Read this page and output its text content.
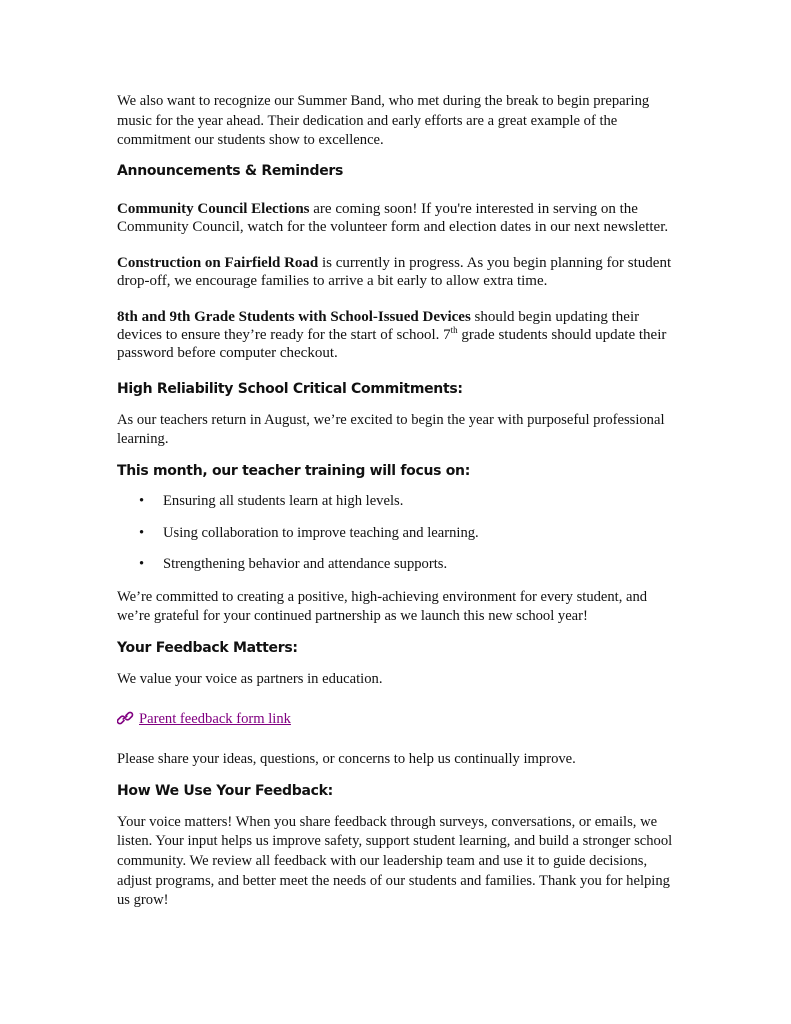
We also want to recognize our Summer Band, who met during the break to begin preparing music for the year ahead. Their dedication and early efforts are a great example of the commitment our students show to excellence.

Announcements & Reminders

Community Council Elections are coming soon! If you're interested in serving on the Community Council, watch for the volunteer form and election dates in our next newsletter.

Construction on Fairfield Road is currently in progress. As you begin planning for student drop-off, we encourage families to arrive a bit early to allow extra time.

8th and 9th Grade Students with School-Issued Devices should begin updating their devices to ensure they’re ready for the start of school. 7th grade students should update their password before computer checkout.

High Reliability School Critical Commitments:

As our teachers return in August, we’re excited to begin the year with purposeful professional learning.

This month, our teacher training will focus on:

• Ensuring all students learn at high levels.
• Using collaboration to improve teaching and learning.
• Strengthening behavior and attendance supports.

We’re committed to creating a positive, high-achieving environment for every student, and we’re grateful for your continued partnership as we launch this new school year!

Your Feedback Matters:

We value your voice as partners in education.

Parent feedback form link

Please share your ideas, questions, or concerns to help us continually improve.

How We Use Your Feedback:

Your voice matters! When you share feedback through surveys, conversations, or emails, we listen. Your input helps us improve safety, support student learning, and build a stronger school community. We review all feedback with our leadership team and use it to guide decisions, adjust programs, and better meet the needs of our students and families. Thank you for helping us grow!
